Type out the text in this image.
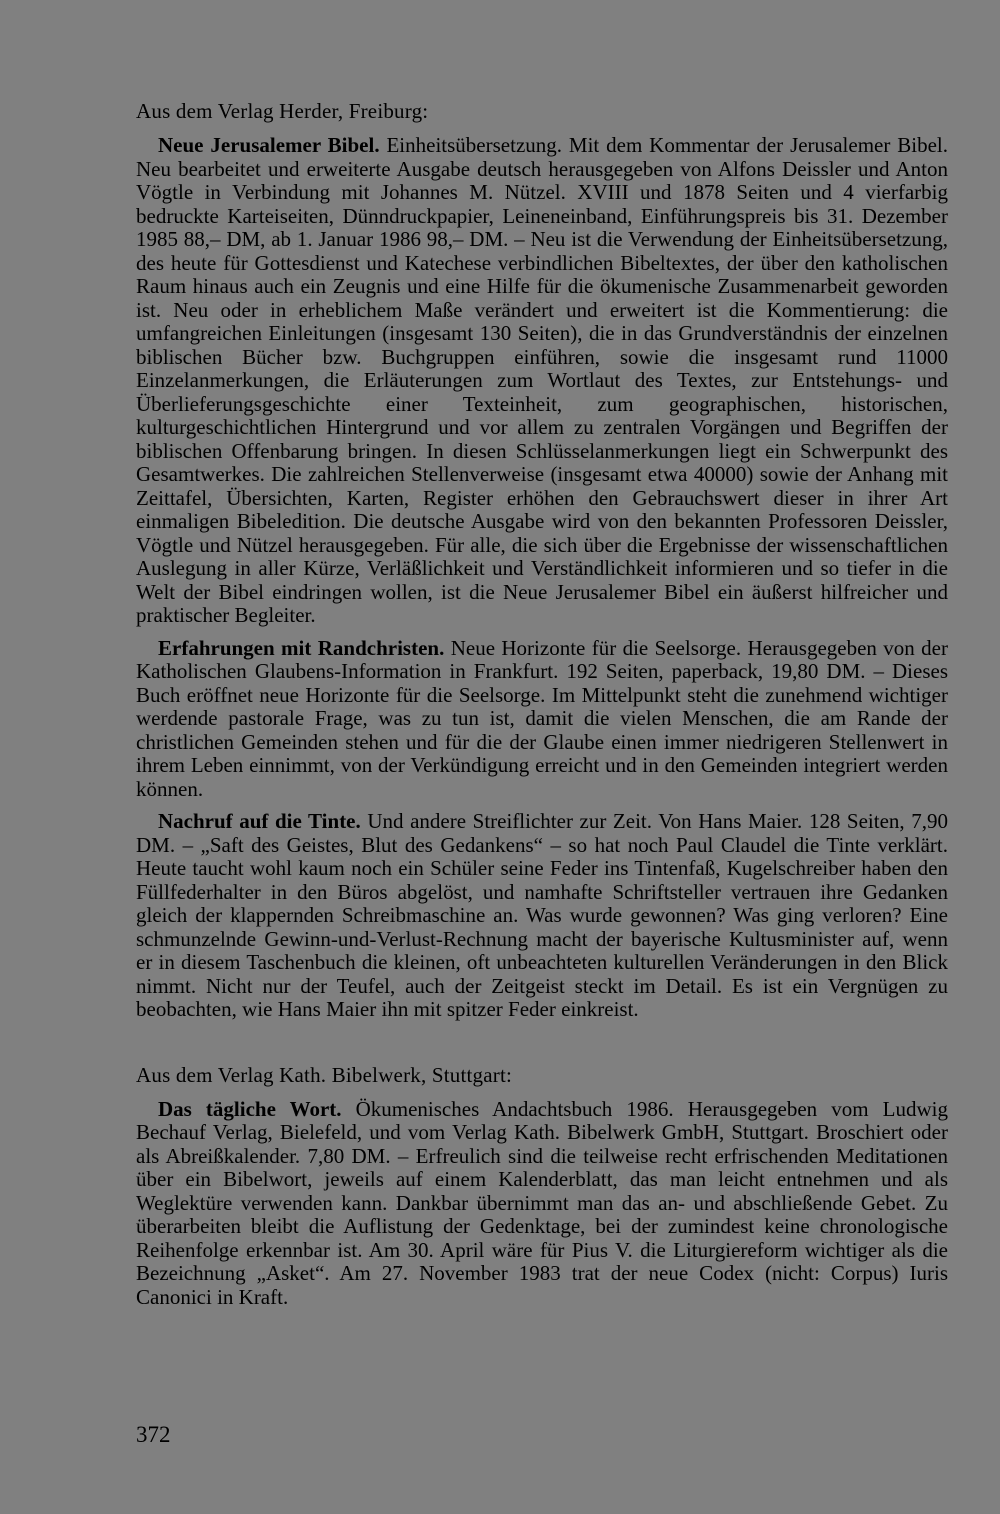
Aus dem Verlag Herder, Freiburg:

Neue Jerusalemer Bibel. Einheitsübersetzung. Mit dem Kommentar der Jerusalemer Bibel. Neu bearbeitet und erweiterte Ausgabe deutsch herausgegeben von Alfons Deissler und Anton Vögtle in Verbindung mit Johannes M. Nützel. XVIII und 1878 Seiten und 4 vierfarbig bedruckte Karteiseiten, Dünndruckpapier, Leineneinband, Einführungspreis bis 31. Dezember 1985 88,– DM, ab 1. Januar 1986 98,– DM. – Neu ist die Verwendung der Einheitsübersetzung, des heute für Gottesdienst und Katechese verbindlichen Bibeltextes, der über den katholischen Raum hinaus auch ein Zeugnis und eine Hilfe für die ökumenische Zusammenarbeit geworden ist. Neu oder in erheblichem Maße verändert und erweitert ist die Kommentierung: die umfangreichen Einleitungen (insgesamt 130 Seiten), die in das Grundverständnis der einzelnen biblischen Bücher bzw. Buchgruppen einführen, sowie die insgesamt rund 11000 Einzelanmerkungen, die Erläuterungen zum Wortlaut des Textes, zur Entstehungs- und Überlieferungsgeschichte einer Texteinheit, zum geographischen, historischen, kulturgeschichtlichen Hintergrund und vor allem zu zentralen Vorgängen und Begriffen der biblischen Offenbarung bringen. In diesen Schlüsselanmerkungen liegt ein Schwerpunkt des Gesamtwerkes. Die zahlreichen Stellenverweise (insgesamt etwa 40000) sowie der Anhang mit Zeittafel, Übersichten, Karten, Register erhöhen den Gebrauchswert dieser in ihrer Art einmaligen Bibeledition. Die deutsche Ausgabe wird von den bekannten Professoren Deissler, Vögtle und Nützel herausgegeben. Für alle, die sich über die Ergebnisse der wissenschaftlichen Auslegung in aller Kürze, Verläßlichkeit und Verständlichkeit informieren und so tiefer in die Welt der Bibel eindringen wollen, ist die Neue Jerusalemer Bibel ein äußerst hilfreicher und praktischer Begleiter.

Erfahrungen mit Randchristen. Neue Horizonte für die Seelsorge. Herausgegeben von der Katholischen Glaubens-Information in Frankfurt. 192 Seiten, paperback, 19,80 DM. – Dieses Buch eröffnet neue Horizonte für die Seelsorge. Im Mittelpunkt steht die zunehmend wichtiger werdende pastorale Frage, was zu tun ist, damit die vielen Menschen, die am Rande der christlichen Gemeinden stehen und für die der Glaube einen immer niedrigeren Stellenwert in ihrem Leben einnimmt, von der Verkündigung erreicht und in den Gemeinden integriert werden können.

Nachruf auf die Tinte. Und andere Streiflichter zur Zeit. Von Hans Maier. 128 Seiten, 7,90 DM. – „Saft des Geistes, Blut des Gedankens“ – so hat noch Paul Claudel die Tinte verklärt. Heute taucht wohl kaum noch ein Schüler seine Feder ins Tintenfaß, Kugelschreiber haben den Füllfederhalter in den Büros abgelöst, und namhafte Schriftsteller vertrauen ihre Gedanken gleich der klappernden Schreibmaschine an. Was wurde gewonnen? Was ging verloren? Eine schmunzelnde Gewinn-und-Verlust-Rechnung macht der bayerische Kultusminister auf, wenn er in diesem Taschenbuch die kleinen, oft unbeachteten kulturellen Veränderungen in den Blick nimmt. Nicht nur der Teufel, auch der Zeitgeist steckt im Detail. Es ist ein Vergnügen zu beobachten, wie Hans Maier ihn mit spitzer Feder einkreist.

Aus dem Verlag Kath. Bibelwerk, Stuttgart:

Das tägliche Wort. Ökumenisches Andachtsbuch 1986. Herausgegeben vom Ludwig Bechauf Verlag, Bielefeld, und vom Verlag Kath. Bibelwerk GmbH, Stuttgart. Broschiert oder als Abreißkalender. 7,80 DM. – Erfreulich sind die teilweise recht erfrischenden Meditationen über ein Bibelwort, jeweils auf einem Kalenderblatt, das man leicht entnehmen und als Weglektüre verwenden kann. Dankbar übernimmt man das an- und abschließende Gebet. Zu überarbeiten bleibt die Auflistung der Gedenktage, bei der zumindest keine chronologische Reihenfolge erkennbar ist. Am 30. April wäre für Pius V. die Liturgiereform wichtiger als die Bezeichnung „Asket“. Am 27. November 1983 trat der neue Codex (nicht: Corpus) Iuris Canonici in Kraft.

372
